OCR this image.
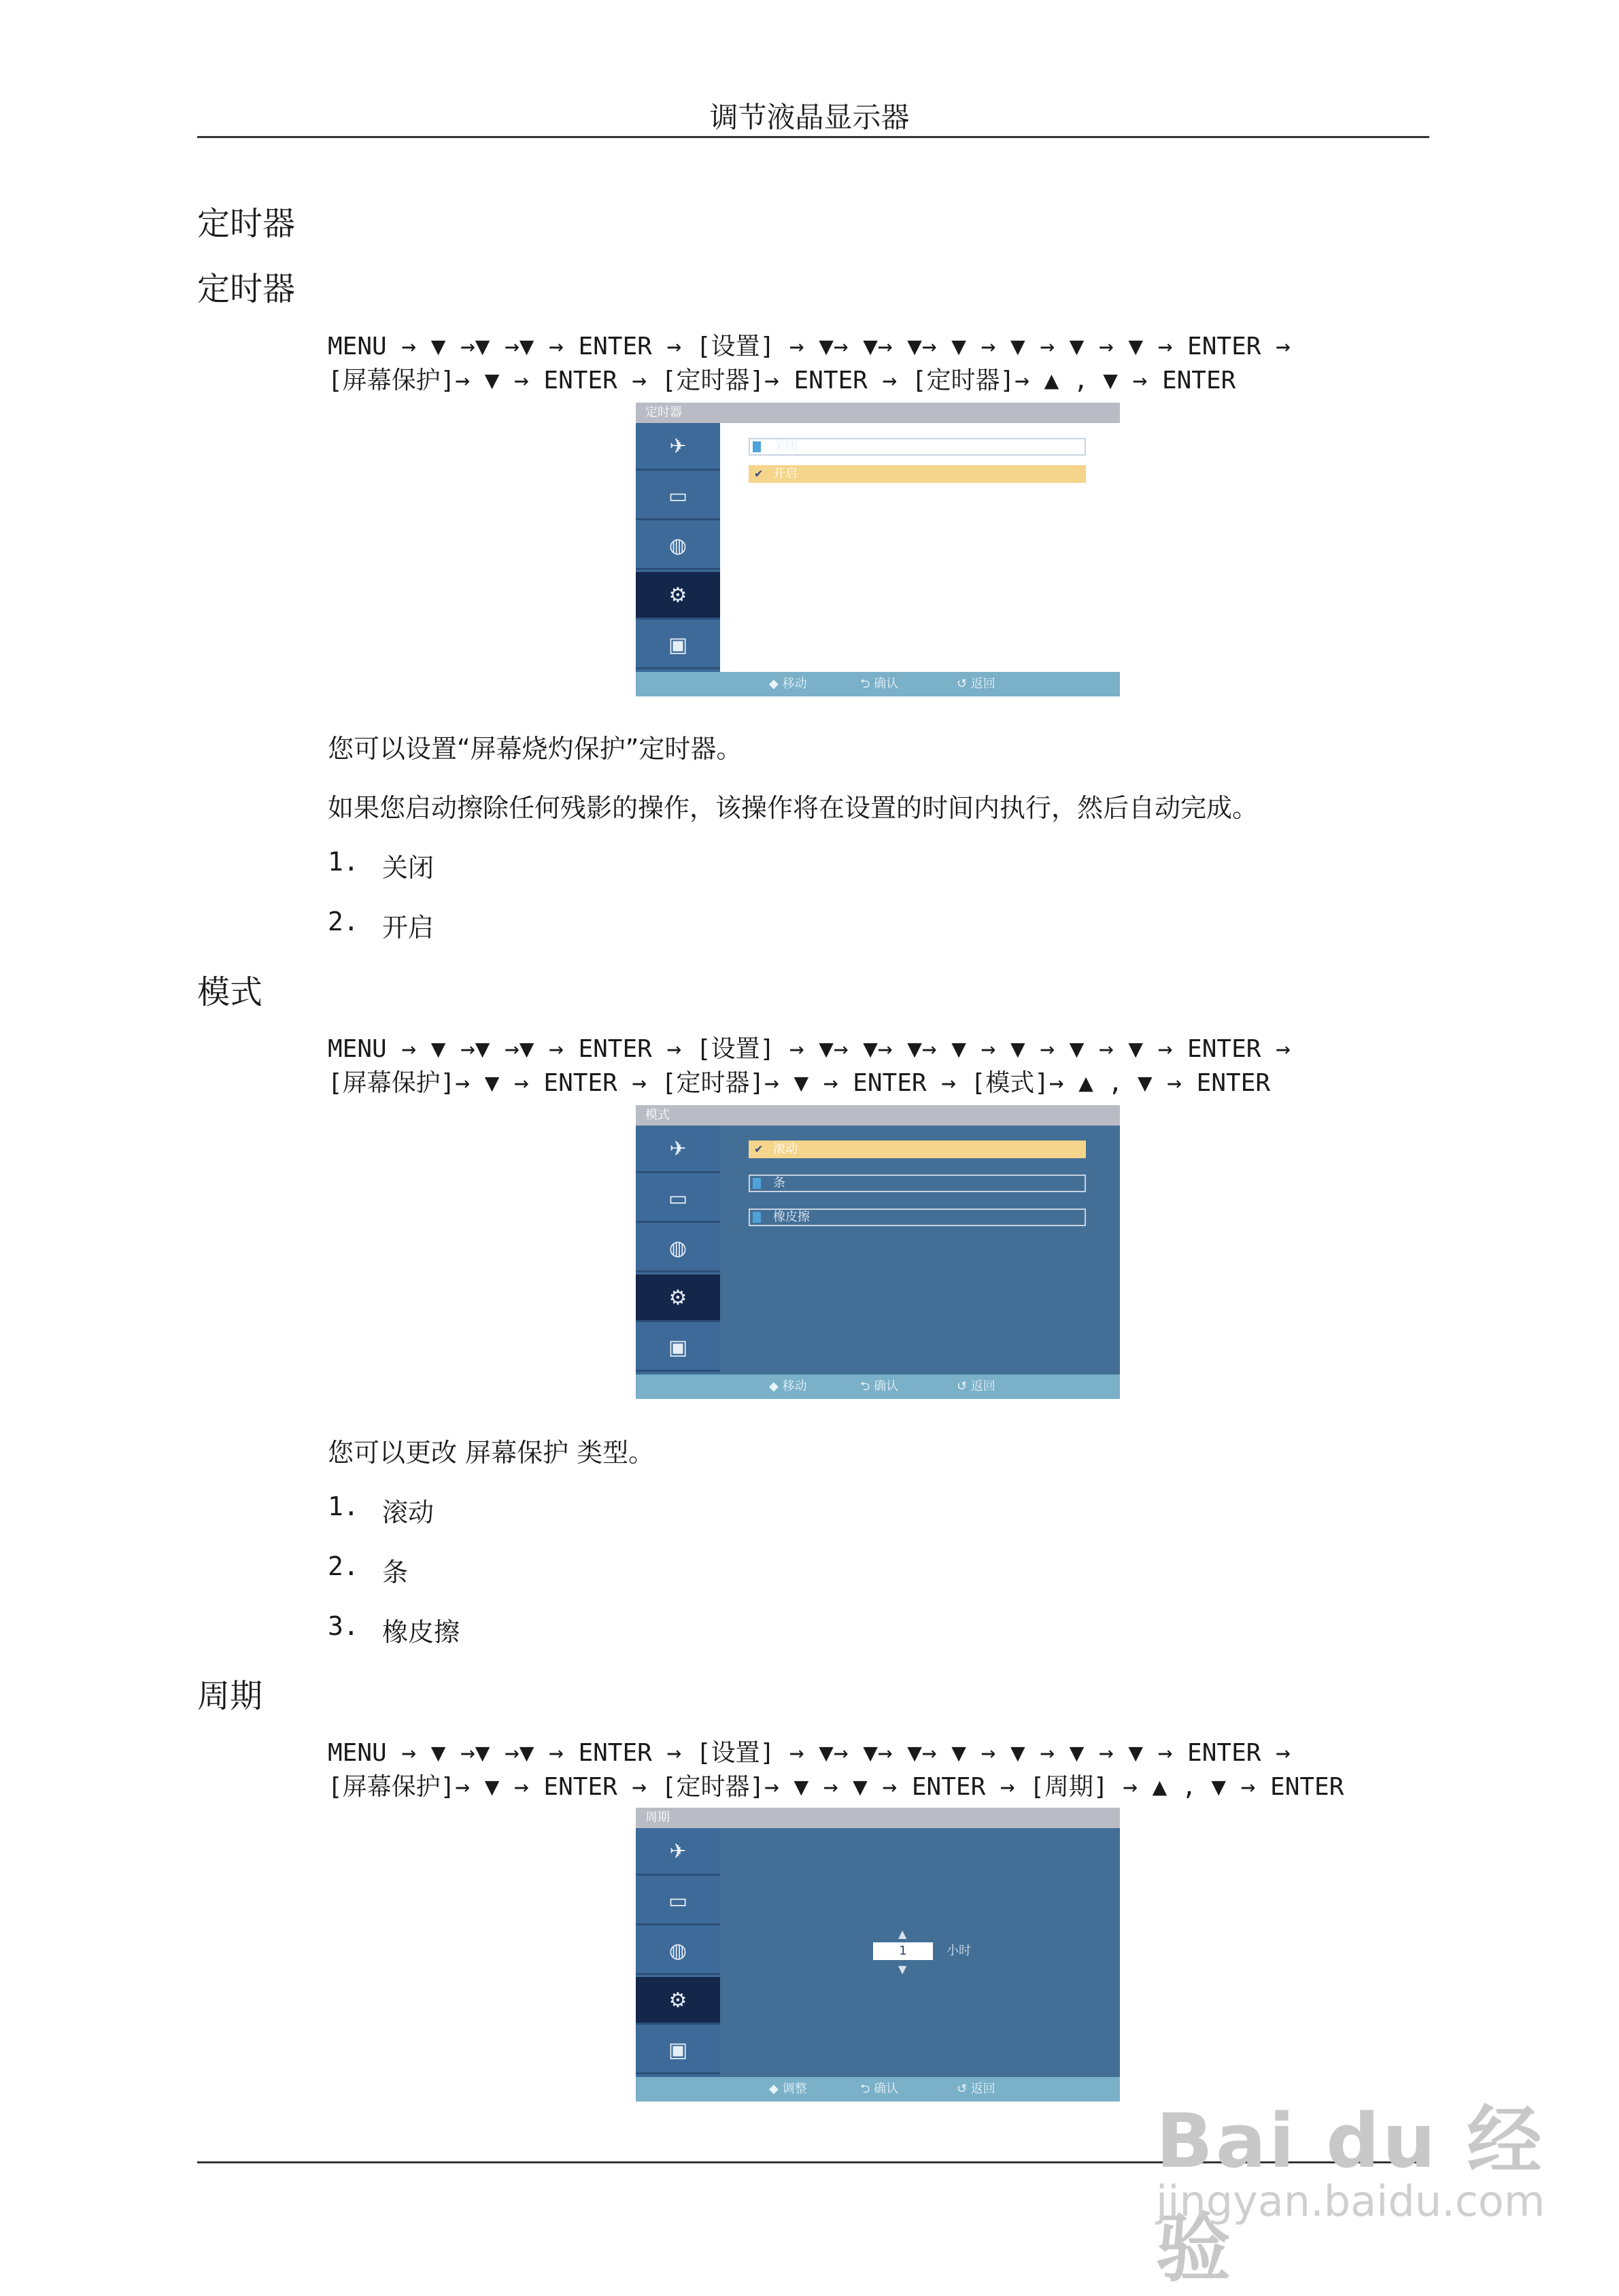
调节液晶显示器
定时器
定时器
MENU → ▼ →▼ →▼ → ENTER → [设置] → ▼→ ▼→ ▼→ ▼ → ▼ → ▼ → ▼ → ENTER →
[屏幕保护]→ ▼ → ENTER → [定时器]→ ENTER → [定时器]→ ▲ , ▼ → ENTER
定时器
✈
▭
◍
⚙
▣
关闭
✔ 开启
◆ 移动	⮌ 确认	↺ 返回
您可以设置“屏幕烧灼保护”定时器。
如果您启动擦除任何残影的操作，该操作将在设置的时间内执行，然后自动完成。
1. 关闭
2. 开启
模式
MENU → ▼ →▼ →▼ → ENTER → [设置] → ▼→ ▼→ ▼→ ▼ → ▼ → ▼ → ▼ → ENTER →
[屏幕保护]→ ▼ → ENTER → [定时器]→ ▼ → ENTER → [模式]→ ▲ , ▼ → ENTER
模式
✈
▭
◍
⚙
▣
✔ 滚动
条
橡皮擦
◆ 移动	⮌ 确认	↺ 返回
您可以更改 屏幕保护 类型。
1. 滚动
2. 条
3. 橡皮擦
周期
MENU → ▼ →▼ →▼ → ENTER → [设置] → ▼→ ▼→ ▼→ ▼ → ▼ → ▼ → ▼ → ENTER →
[屏幕保护]→ ▼ → ENTER → [定时器]→ ▼ → ▼ → ENTER → [周期] → ▲ , ▼ → ENTER
周期
✈
▭
◍
⚙
▣
▲
1	小时
▼
◆ 调整	⮌ 确认	↺ 返回
Bai du 经验
jingyan.baidu.com
